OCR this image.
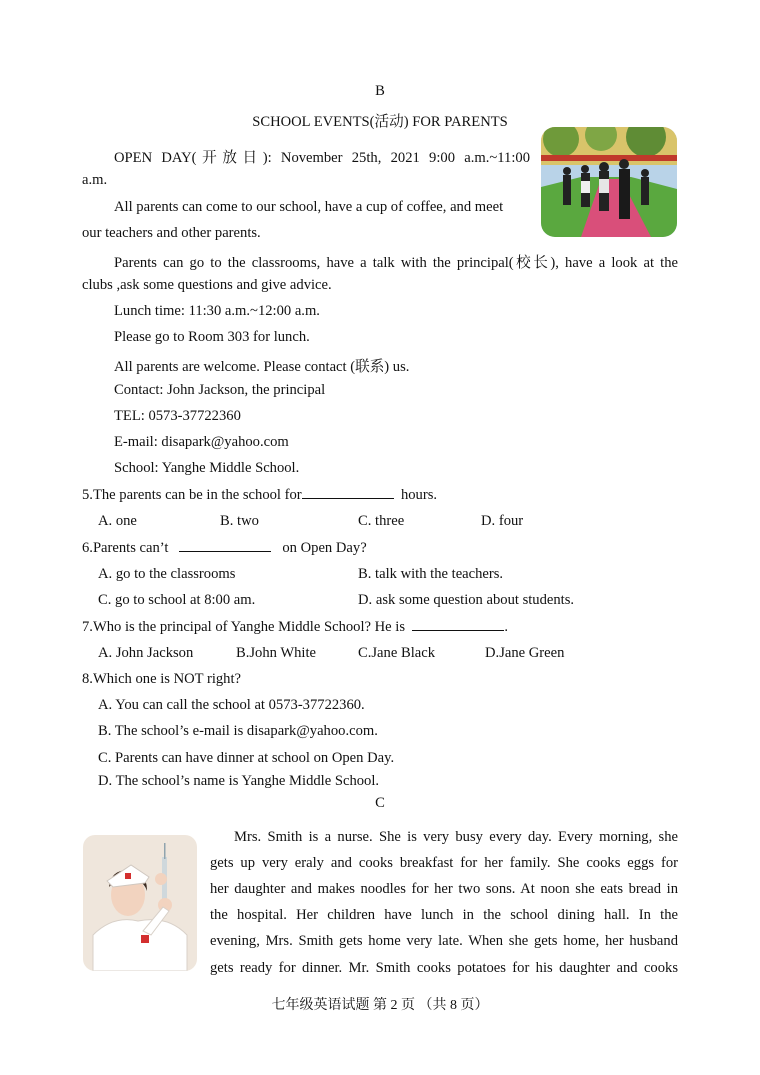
B
SCHOOL EVENTS(活动) FOR PARENTS
OPEN DAY(开放日): November 25th, 2021 9:00 a.m.~11:00
a.m.
All parents can come to our school, have a cup of coffee, and meet
our teachers and other parents.
Parents can go to the classrooms, have a talk with the principal(校长), have a look at the
clubs ,ask some questions and give advice.
Lunch time: 11:30 a.m.~12:00 a.m.
Please go to Room 303 for lunch.
All parents are welcome. Please contact (联系) us.
Contact: John Jackson, the principal
TEL: 0573-37722360
E-mail: disapark@yahoo.com
School: Yanghe Middle School.
5.The parents can be in the school for	hours.
A. one	B. two	C. three	D. four
6.Parents can’t	on Open Day?
A. go to the classrooms	B. talk with the teachers.
C. go to school at 8:00 am.	D. ask some question about students.
7.Who is the principal of Yanghe Middle School? He is	.
A. John Jackson	B.John White	C.Jane Black	D.Jane Green
8.Which one is NOT right?
A. You can call the school at 0573-37722360.
B. The school’s e-mail is disapark@yahoo.com.
C. Parents can have dinner at school on Open Day.
D. The school’s name is Yanghe Middle School.
C
Mrs. Smith is a nurse. She is very busy every day. Every morning, she
gets up very eraly and cooks breakfast for her family. She cooks eggs for
her daughter and makes noodles for her two sons. At noon she eats bread in
the hospital. Her children have lunch in the school dining hall. In the
evening, Mrs. Smith gets home very late. When she gets home, her husband
gets ready for dinner. Mr. Smith cooks potatoes for his daughter and cooks
七年级英语试题 第 2 页 （共 8 页）
